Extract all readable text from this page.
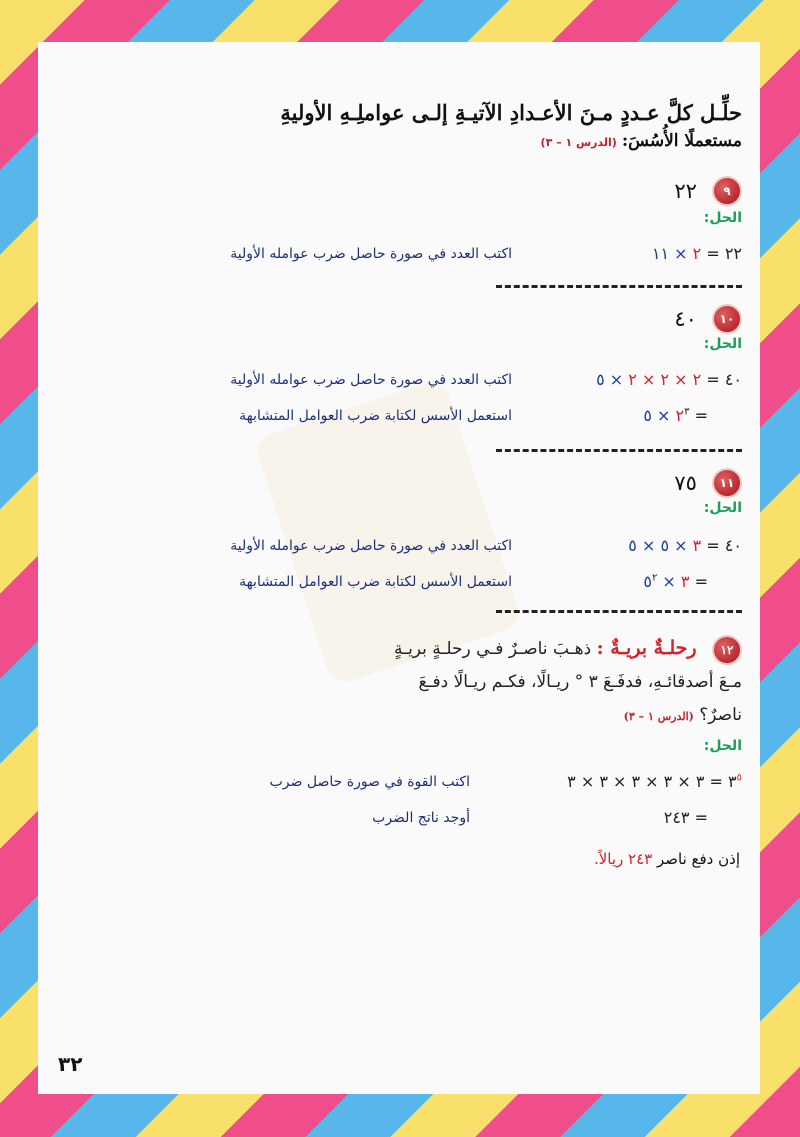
حلِّـل كلَّ عـددٍ مـنَ الأعـدادِ الآتيـةِ إلـى عواملِـهِ الأوليةِ
مستعملًا الأُسُسَ: (الدرس ١ – ٣)
٩ ٢٢
الحل:
٢٢ = ٢ × ١١
اكتب العدد في صورة حاصل ضرب عوامله الأولية
١٠ ٤٠
الحل:
٤٠ = ٢ × ٢ × ٢ × ٥
اكتب العدد في صورة حاصل ضرب عوامله الأولية
= $٢^٣$ × ٥
استعمل الأسس لكتابة ضرب العوامل المتشابهة
١١ ٧٥
الحل:
٤٠ = ٣ × ٥ × ٥
اكتب العدد في صورة حاصل ضرب عوامله الأولية
= ٣ × $٥^٢$
استعمل الأسس لكتابة ضرب العوامل المتشابهة
١٢ رحلـةٌ بريـةٌ : ذهـبَ ناصـرٌ فـي رحلـةٍ بريـةٍ
مـعَ أصدقائـهِ، فدفَـعَ ٣ ° ريـالًا، فكـم ريـالًا دفـعَ
ناصرٌ؟ (الدرس ١ – ٣)
الحل:
$٣^٥$ = ٣ × ٣ × ٣ × ٣ × ٣
اكتب القوة في صورة حاصل ضرب
= ٢٤٣
أوجد ناتج الضرب
إذن دفع ناصر ٢٤٣ ريالاً.
٣٢
